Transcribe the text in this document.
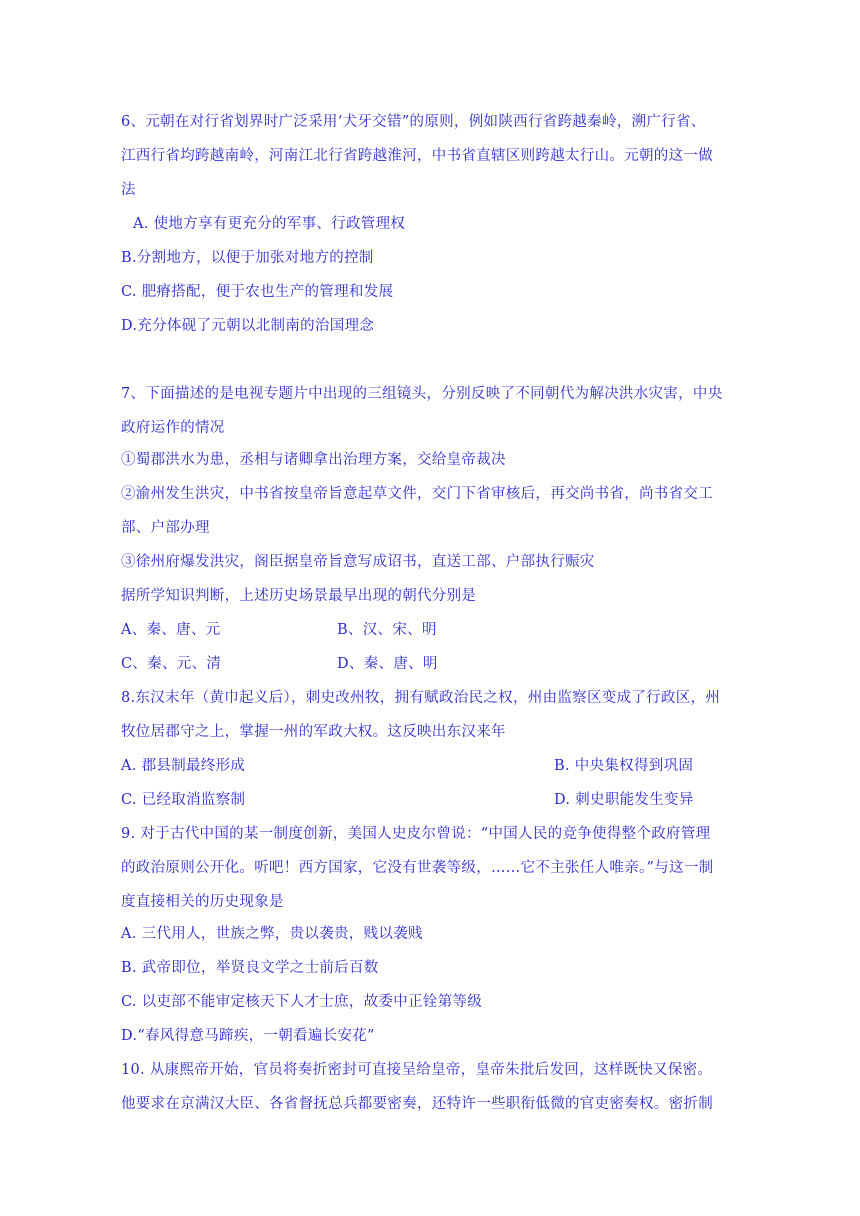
6、元朝在对行省划界时广泛采用‘犬牙交错”的原则，例如陕西行省跨越秦岭，溯广行省、
江西行省均跨越南岭，河南江北行省跨越淮河，中书省直辖区则跨越太行山。元朝的这一做
法
A. 使地方享有更充分的军事、行政管理权
B.分割地方，以便于加张对地方的控制
C. 肥瘠搭配，便于农也生产的管理和发展
D.充分体砚了元朝以北制南的治国理念
7、下面描述的是电视专题片中出现的三组镜头，分别反映了不同朝代为解决洪水灾害，中央
政府运作的情况
①蜀郡洪水为患，丞相与诸卿拿出治理方案，交给皇帝裁决
②渝州发生洪灾，中书省按皇帝旨意起草文件，交门下省审核后，再交尚书省，尚书省交工
部、户部办理
③徐州府爆发洪灾，阁臣据皇帝旨意写成诏书，直送工部、户部执行赈灾
据所学知识判断，上述历史场景最早出现的朝代分别是
A、秦、唐、元	B、汉、宋、明
C、秦、元、清	D、秦、唐、明
8.东汉末年（黄巾起义后），刺史改州牧，拥有赋政治民之权，州由监察区变成了行政区，州
牧位居郡守之上，掌握一州的军政大权。这反映出东汉来年
A. 郡县制最终形成	B. 中央集权得到巩固
C. 已经取消监察制	D. 刺史职能发生变异
9. 对于古代中国的某一制度创新，美国人史皮尔曾说：“中国人民的竞争使得整个政府管理
的政治原则公开化。听吧！西方国家，它没有世袭等级，……它不主张任人唯亲。”与这一制
度直接相关的历史现象是
A. 三代用人，世族之弊，贵以袭贵，贱以袭贱
B. 武帝即位，举贤良文学之士前后百数
C. 以吏部不能审定核天下人才士庶，故委中正铨第等级
D.“春风得意马蹄疾，一朝看遍长安花”
10. 从康熙帝开始，官员将奏折密封可直接呈给皇帝，皇帝朱批后发回，这样既快又保密。
他要求在京满汉大臣、各省督抚总兵都要密奏，还特许一些职衔低微的官吏密奏权。密折制
